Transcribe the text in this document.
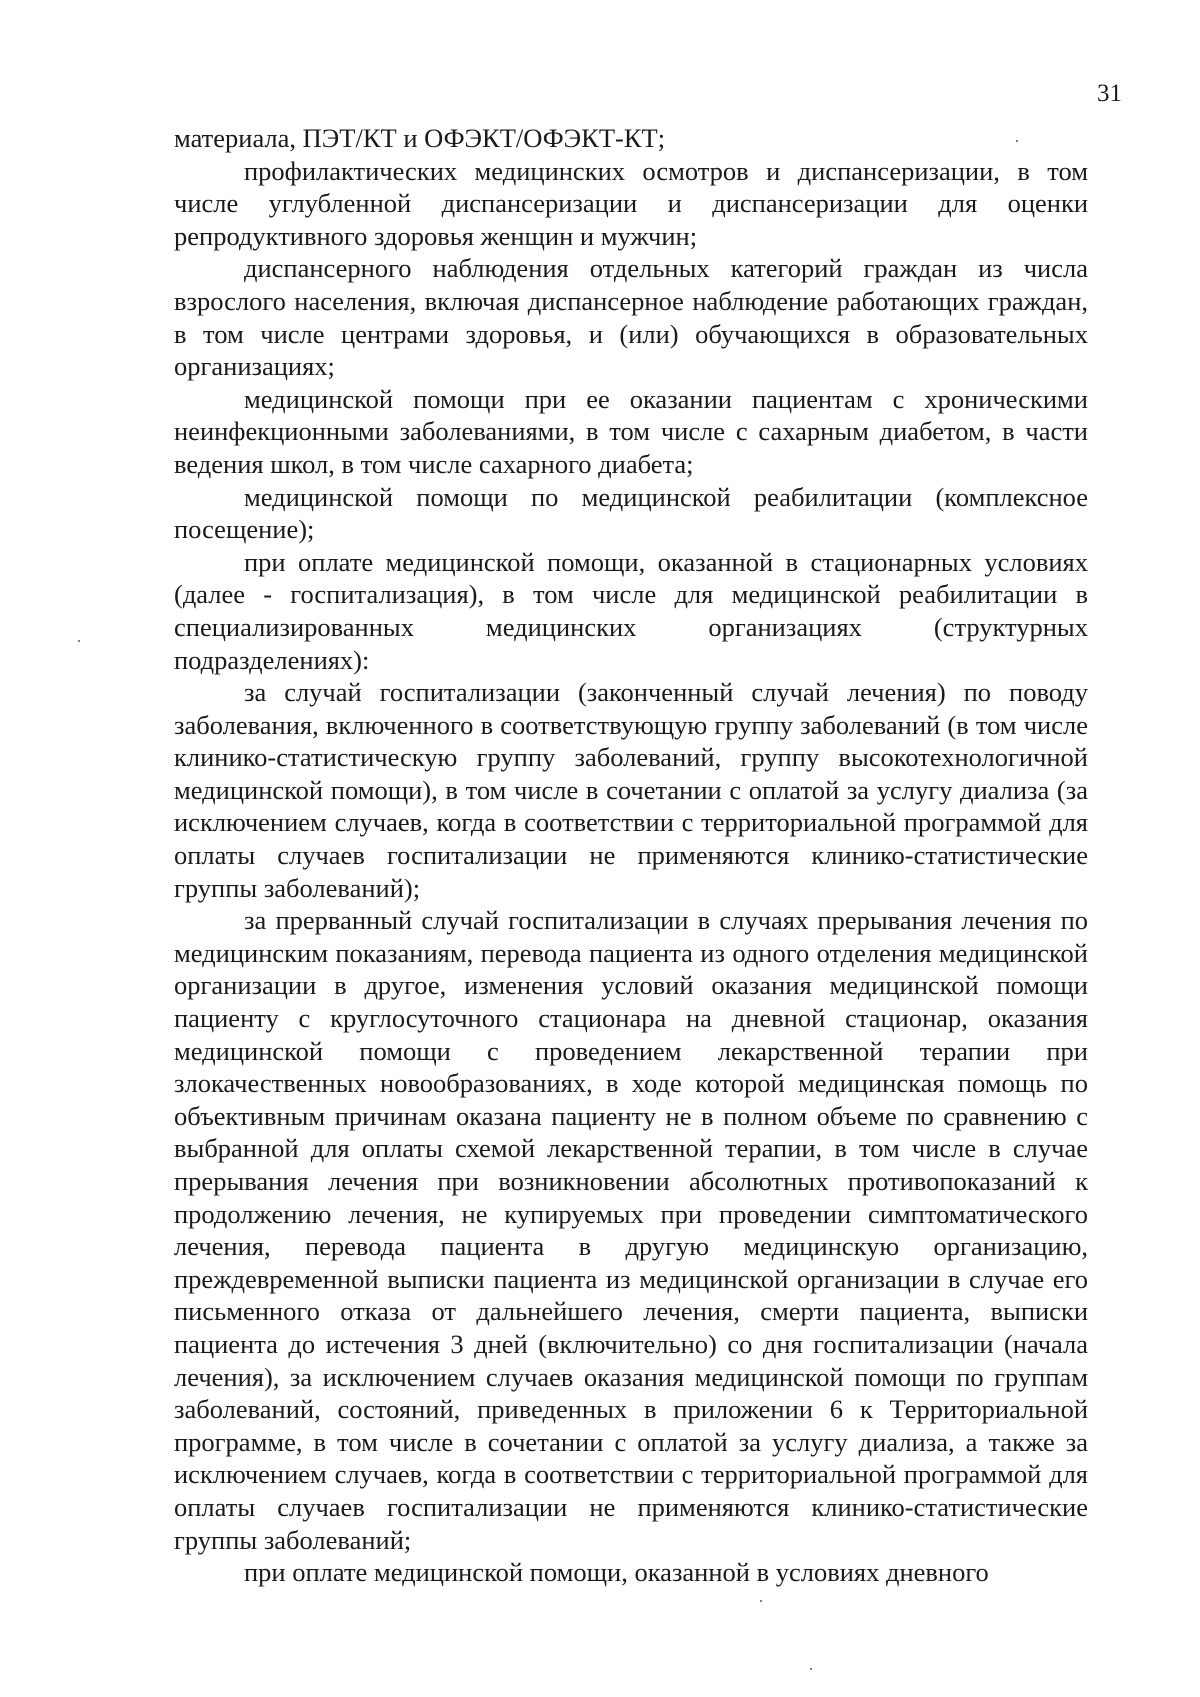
31

материала, ПЭТ/КТ и ОФЭКТ/ОФЭКТ-КТ;

профилактических медицинских осмотров и диспансеризации, в том числе углубленной диспансеризации и диспансеризации для оценки репродуктивного здоровья женщин и мужчин;

диспансерного наблюдения отдельных категорий граждан из числа взрослого населения, включая диспансерное наблюдение работающих граждан, в том числе центрами здоровья, и (или) обучающихся в образовательных организациях;

медицинской помощи при ее оказании пациентам с хроническими неинфекционными заболеваниями, в том числе с сахарным диабетом, в части ведения школ, в том числе сахарного диабета;

медицинской помощи по медицинской реабилитации (комплексное посещение);

при оплате медицинской помощи, оказанной в стационарных условиях (далее - госпитализация), в том числе для медицинской реабилитации в специализированных медицинских организациях (структурных подразделениях):

за случай госпитализации (законченный случай лечения) по поводу заболевания, включенного в соответствующую группу заболеваний (в том числе клинико-статистическую группу заболеваний, группу высокотехнологичной медицинской помощи), в том числе в сочетании с оплатой за услугу диализа (за исключением случаев, когда в соответствии с территориальной программой для оплаты случаев госпитализации не применяются клинико-статистические группы заболеваний);

за прерванный случай госпитализации в случаях прерывания лечения по медицинским показаниям, перевода пациента из одного отделения медицинской организации в другое, изменения условий оказания медицинской помощи пациенту с круглосуточного стационара на дневной стационар, оказания медицинской помощи с проведением лекарственной терапии при злокачественных новообразованиях, в ходе которой медицинская помощь по объективным причинам оказана пациенту не в полном объеме по сравнению с выбранной для оплаты схемой лекарственной терапии, в том числе в случае прерывания лечения при возникновении абсолютных противопоказаний к продолжению лечения, не купируемых при проведении симптоматического лечения, перевода пациента в другую медицинскую организацию, преждевременной выписки пациента из медицинской организации в случае его письменного отказа от дальнейшего лечения, смерти пациента, выписки пациента до истечения 3 дней (включительно) со дня госпитализации (начала лечения), за исключением случаев оказания медицинской помощи по группам заболеваний, состояний, приведенных в приложении 6 к Территориальной программе, в том числе в сочетании с оплатой за услугу диализа, а также за исключением случаев, когда в соответствии с территориальной программой для оплаты случаев госпитализации не применяются клинико-статистические группы заболеваний;

при оплате медицинской помощи, оказанной в условиях дневного
